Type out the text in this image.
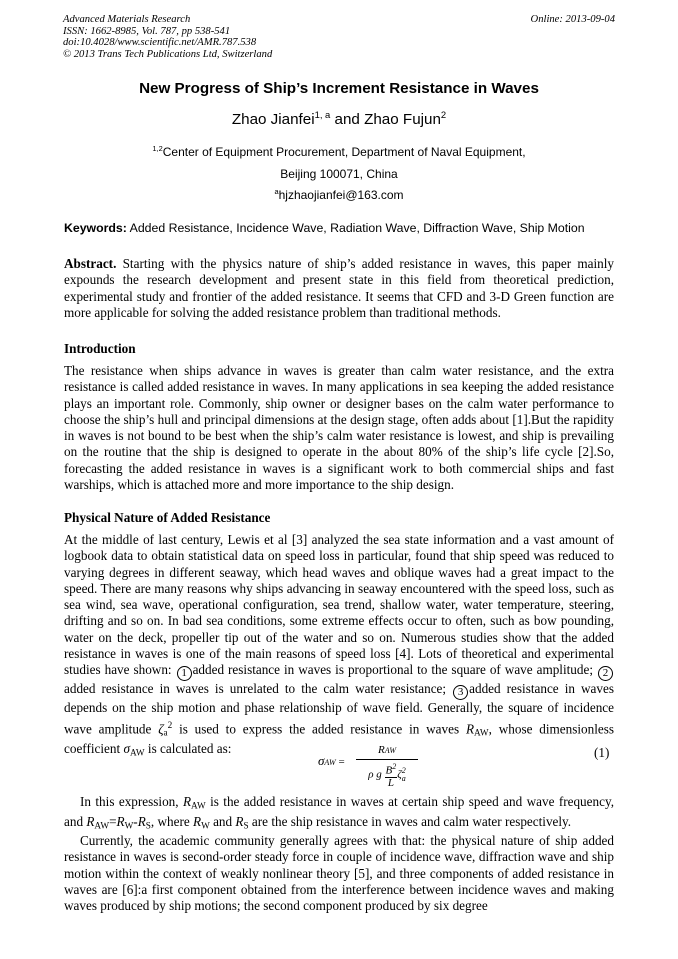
Advanced Materials Research
ISSN: 1662-8985, Vol. 787, pp 538-541
doi:10.4028/www.scientific.net/AMR.787.538
© 2013 Trans Tech Publications Ltd, Switzerland
Online: 2013-09-04
New Progress of Ship’s Increment Resistance in Waves
Zhao Jianfei$^{1, a}$ and Zhao Fujun$^2$
$^{1,2}$Center of Equipment Procurement, Department of Naval Equipment,
Beijing 100071, China
$^a$hjzhaojianfei@163.com
Keywords: Added Resistance, Incidence Wave, Radiation Wave, Diffraction Wave, Ship Motion

Abstract. Starting with the physics nature of ship’s added resistance in waves, this paper mainly expounds the research development and present state in this field from theoretical prediction, experimental study and frontier of the added resistance. It seems that CFD and 3-D Green function are more applicable for solving the added resistance problem than traditional methods.

Introduction
The resistance when ships advance in waves is greater than calm water resistance, and the extra resistance is called added resistance in waves. In many applications in sea keeping the added resistance plays an important role. Commonly, ship owner or designer bases on the calm water performance to choose the ship’s hull and principal dimensions at the design stage, often adds about [1].But the rapidity in waves is not bound to be best when the ship’s calm water resistance is lowest, and ship is prevailing on the routine that the ship is designed to operate in the about 80% of the ship’s life cycle [2].So, forecasting the added resistance in waves is a significant work to both commercial ships and fast warships, which is attached more and more importance to the ship design.
Physical Nature of Added Resistance

At the middle of last century, Lewis et al [3] analyzed the sea state information and a vast amount of logbook data to obtain statistical data on speed loss in particular, found that ship speed was reduced to varying degrees in different seaway, which head waves and oblique waves had a great impact to the speed. There are many reasons why ships advancing in seaway encountered with the speed loss, such as sea wind, sea wave, operational configuration, sea trend, shallow water, water temperature, steering, drifting and so on. In bad sea conditions, some extreme effects occur to often, such as bow pounding, water on the deck, propeller tip out of the water and so on. Numerous studies show that the added resistance in waves is one of the main reasons of speed loss [4]. Lots of theoretical and experimental studies have shown: 1 added resistance in waves is proportional to the square of wave amplitude; 2added resistance in waves is unrelated to the calm water resistance; 3 added resistance in waves depends on the ship motion and phase relationship of wave field. Generally, the square of incidence wave amplitude $\zeta_a^2$ is used to express the added resistance in waves $R_{AW}$, whose dimensionless coefficient $\sigma_{AW}$ is calculated as:

σAW =
RAW
ρ g $\frac{B^2}{L}$ ζ 2
a
(1)

In this expression, $R_{AW}$ is the added resistance in waves at certain ship speed and wave frequency, and $R_{AW}=R_W-R_S$, where $R_W$ and $R_S$ are the ship resistance in waves and calm water respectively.

Currently, the academic community generally agrees with that: the physical nature of ship added resistance in waves is second-order steady force in couple of incidence wave, diffraction wave and ship motion within the context of weakly nonlinear theory [5], and three components of added resistance in waves are [6]:a first component obtained from the interference between incidence waves and making waves produced by ship motions; the second component produced by six degree
